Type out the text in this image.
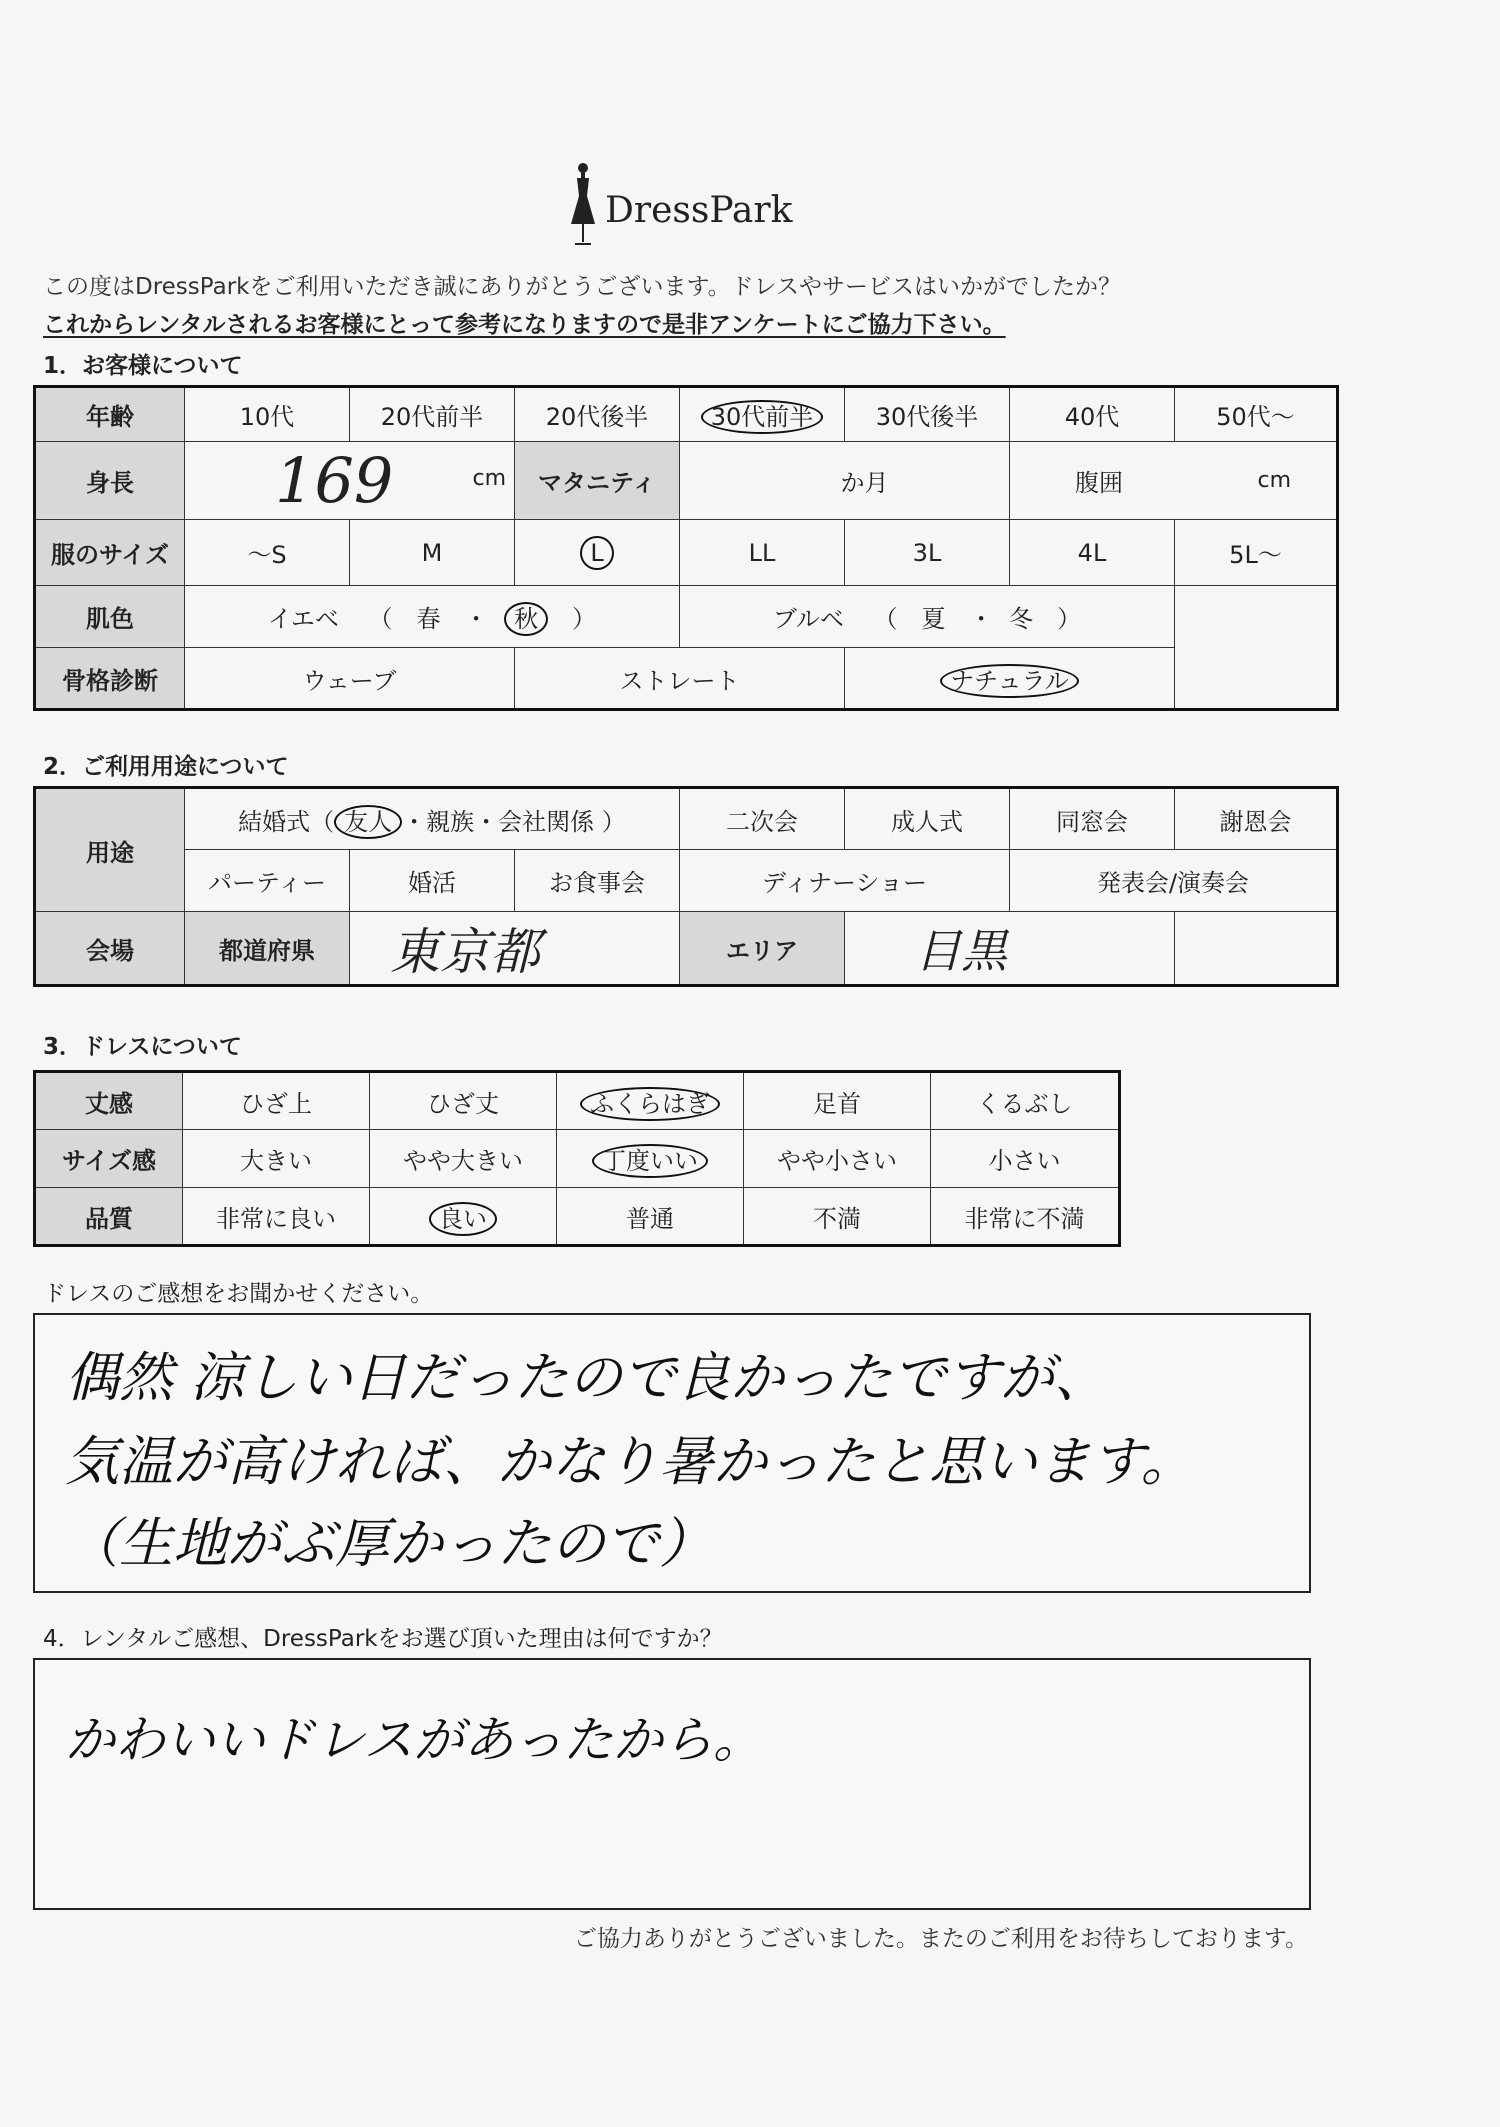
DressPark
この度はDressParkをご利用いただき誠にありがとうございます。ドレスやサービスはいかがでしたか？
これからレンタルされるお客様にとって参考になりますので是非アンケートにご協力下さい。
1．お客様について
年齢	10代	20代前半	20代後半	30代前半	30代後半	40代	50代〜
身長	169 cm		マタニティ	か月		腹囲 cm	

服のサイズ	〜S	M	L	LL	3L	4L	5L〜
肌色	イエベ （　春 ・ 秋　）			ブルベ （　夏 ・ 冬　）			
骨格診断	ウェーブ		ストレート		ナチュラル		
2．ご利用用途について
用途	結婚式（ 友人 ・親族・会社関係 ）			二次会	成人式	同窓会	謝恩会
	パーティー	婚活	お食事会	ディナーショー		発表会/演奏会	
会場	都道府県	東京都		エリア	目黒		
3．ドレスについて
丈感	ひざ上	ひざ丈	ふくらはぎ	足首	くるぶし
サイズ感	大きい	やや大きい	丁度いい	やや小さい	小さい
品質	非常に良い	良い	普通	不満	非常に不満
ドレスのご感想をお聞かせください。
偶然 涼しい日だったので良かったですが、
気温が高ければ、かなり暑かったと思います。
（生地がぶ厚かったので）
4．レンタルご感想、DressParkをお選び頂いた理由は何ですか？
かわいいドレスがあったから。
ご協力ありがとうございました。またのご利用をお待ちしております。
